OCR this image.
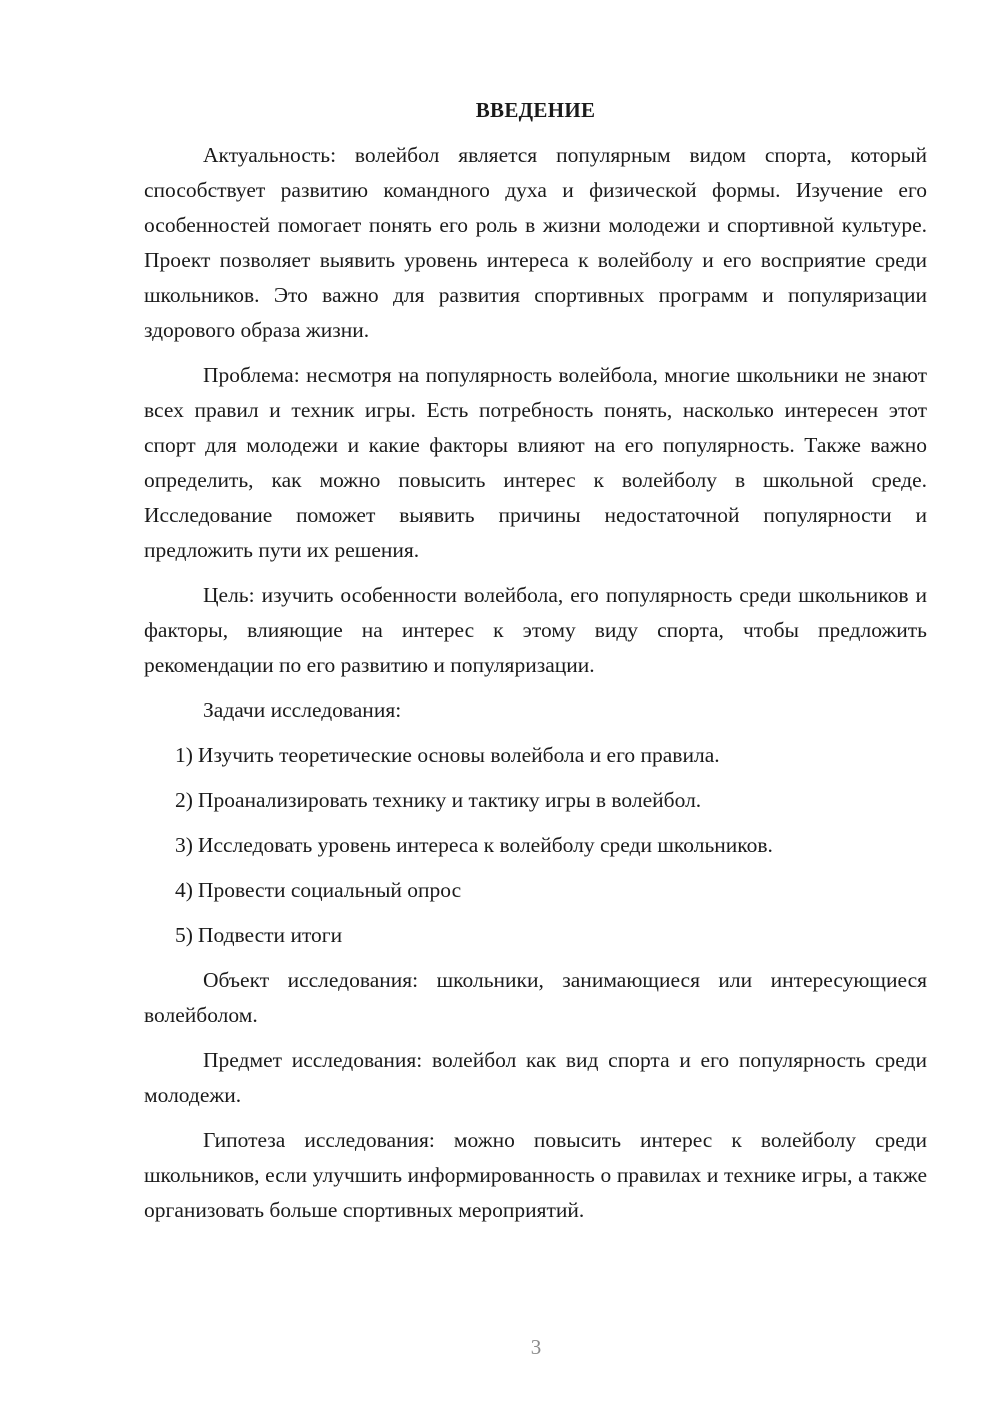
ВВЕДЕНИЕ

Актуальность: волейбол является популярным видом спорта, который способствует развитию командного духа и физической формы. Изучение его особенностей помогает понять его роль в жизни молодежи и спортивной культуре. Проект позволяет выявить уровень интереса к волейболу и его восприятие среди школьников. Это важно для развития спортивных программ и популяризации здорового образа жизни.

Проблема: несмотря на популярность волейбола, многие школьники не знают всех правил и техник игры. Есть потребность понять, насколько интересен этот спорт для молодежи и какие факторы влияют на его популярность. Также важно определить, как можно повысить интерес к волейболу в школьной среде. Исследование поможет выявить причины недостаточной популярности и предложить пути их решения.

Цель: изучить особенности волейбола, его популярность среди школьников и факторы, влияющие на интерес к этому виду спорта, чтобы предложить рекомендации по его развитию и популяризации.

Задачи исследования:

1) Изучить теоретические основы волейбола и его правила.
2) Проанализировать технику и тактику игры в волейбол.
3) Исследовать уровень интереса к волейболу среди школьников.
4) Провести социальный опрос
5) Подвести итоги

Объект исследования: школьники, занимающиеся или интересующиеся волейболом.

Предмет исследования: волейбол как вид спорта и его популярность среди молодежи.

Гипотеза исследования: можно повысить интерес к волейболу среди школьников, если улучшить информированность о правилах и технике игры, а также организовать больше спортивных мероприятий.

3
